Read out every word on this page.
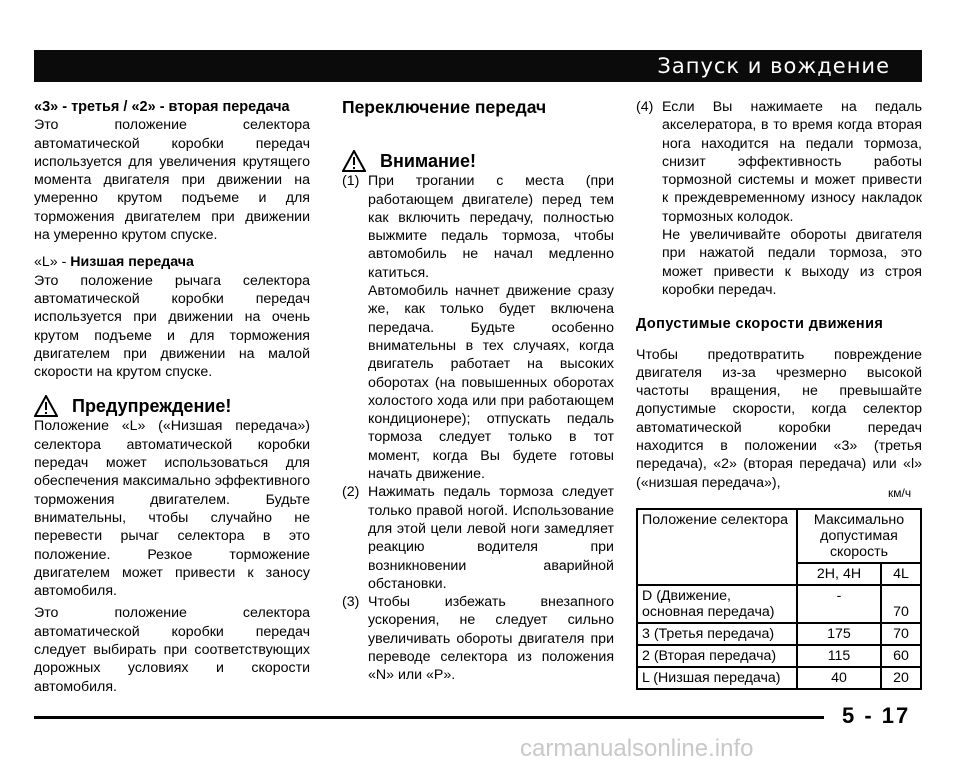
Запуск и вождение

«3» - третья / «2» - вторая передача

Это положение селектора автоматической коробки передач используется для увеличения крутящего момента двигателя при движении на умеренно крутом подъеме и для торможения двигателем при движении на умеренно крутом спуске.

«L» - Низшая передача

Это положение рычага селектора автоматической коробки передач используется при движении на очень крутом подъеме и для торможения двигателем при движении на малой скорости на крутом спуске.

Предупреждение!

Положение «L» («Низшая передача») селектора автоматической коробки передач может использоваться для обеспечения максимально эффективного торможения двигателем. Будьте внимательны, чтобы случайно не перевести рычаг селектора в это положение. Резкое торможение двигателем может привести к заносу автомобиля.

Это положение селектора автоматической коробки передач следует выбирать при соответствующих дорожных условиях и скорости автомобиля.

Переключение передач

Внимание!
(1) При трогании с места (при работающем двигателе) перед тем как включить передачу, полностью выжмите педаль тормоза, чтобы автомобиль не начал медленно катиться.

Автомобиль начнет движение сразу же, как только будет включена передача. Будьте особенно внимательны в тех случаях, когда двигатель работает на высоких оборотах (на повышенных оборотах холостого хода или при работающем кондиционере); отпускать педаль тормоза следует только в тот момент, когда Вы будете готовы начать движение.

(2) Нажимать педаль тормоза следует только правой ногой. Использование для этой цели левой ноги замедляет реакцию водителя при возникновении аварийной обстановки.
(3) Чтобы избежать внезапного ускорения, не следует сильно увеличивать обороты двигателя при переводе селектора из положения «N» или «P».
(4) Если Вы нажимаете на педаль акселератора, в то время когда вторая нога находится на педали тормоза, снизит эффективность работы тормозной системы и может привести к преждевременному износу накладок тормозных колодок.

Не увеличивайте обороты двигателя при нажатой педали тормоза, это может привести к выходу из строя коробки передач.

Допустимые скорости движения

Чтобы предотвратить повреждение двигателя из-за чрезмерно высокой частоты вращения, не превышайте допустимые скорости, когда селектор автоматической коробки передач находится в положении «3» (третья передача), «2» (вторая передача) или «l» («низшая передача»),

км/ч
Положение селектора	Максимально допустимая скорость	
	2H, 4H	4L
D (Движение, основная передача)	-	70
3 (Третья передача)	175	70
2 (Вторая передача)	115	60
L (Низшая передача)	40	20
5 - 17
carmanualsonline.info
